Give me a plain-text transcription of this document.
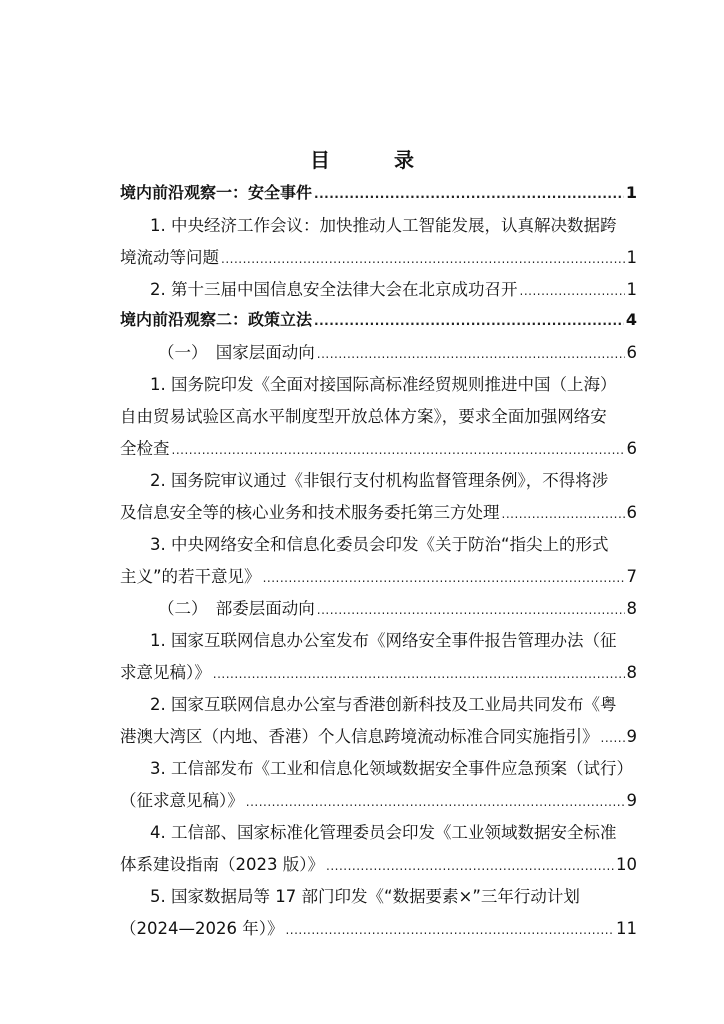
目　录
境内前沿观察一：安全事件 .....	1
1. 中央经济工作会议：加快推动人工智能发展，认真解决数据跨
境流动等问题 .....	1
2. 第十三届中国信息安全法律大会在北京成功召开 .....	1
境内前沿观察二：政策立法 .....	4
（一）　国家层面动向 .....	6
1. 国务院印发《全面对接国际高标准经贸规则推进中国（上海）
自由贸易试验区高水平制度型开放总体方案》，要求全面加强网络安
全检查 .....	6
2. 国务院审议通过《非银行支付机构监督管理条例》，不得将涉
及信息安全等的核心业务和技术服务委托第三方处理 .....	6
3. 中央网络安全和信息化委员会印发《关于防治“指尖上的形式
主义”的若干意见》 .....	7
（二）　部委层面动向 .....	8
1. 国家互联网信息办公室发布《网络安全事件报告管理办法（征
求意见稿）》 .....	8
2. 国家互联网信息办公室与香港创新科技及工业局共同发布《粤
港澳大湾区（内地、香港）个人信息跨境流动标准合同实施指引》 ..... 9
3. 工信部发布《工业和信息化领域数据安全事件应急预案（试行）
（征求意见稿）》 .....	9
4. 工信部、国家标准化管理委员会印发《工业领域数据安全标准
体系建设指南（2023 版）》 .....	10
5. 国家数据局等 17 部门印发《“数据要素×”三年行动计划
（2024—2026 年）》 .....	11
